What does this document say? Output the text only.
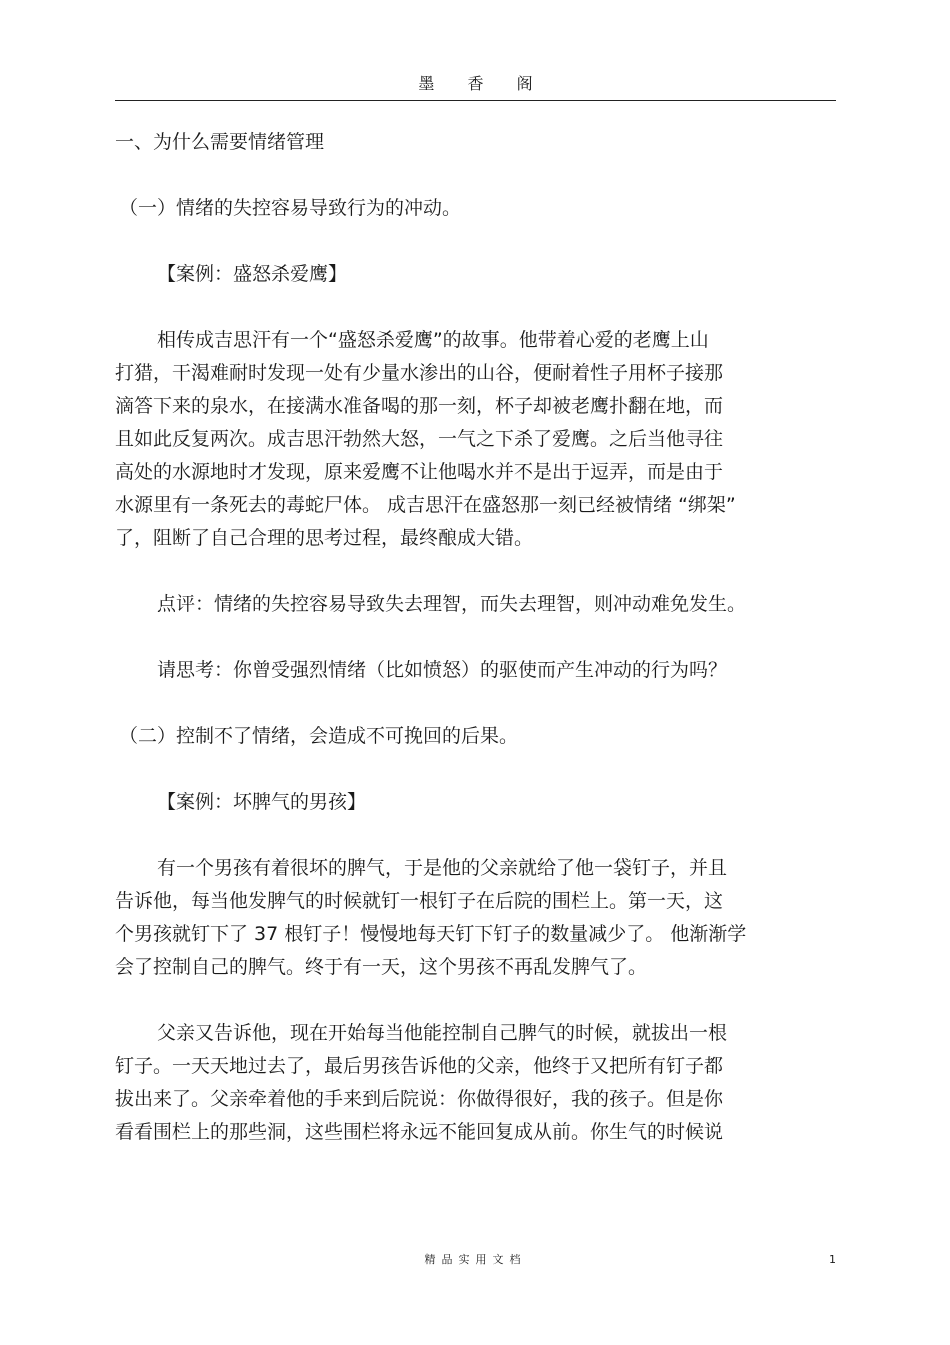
墨 香 阁

一、为什么需要情绪管理

（一）情绪的失控容易导致行为的冲动。

【案例：盛怒杀爱鹰】

相传成吉思汗有一个“盛怒杀爱鹰”的故事。他带着心爱的老鹰上山

打猎，干渴难耐时发现一处有少量水渗出的山谷，便耐着性子用杯子接那

滴答下来的泉水，在接满水准备喝的那一刻，杯子却被老鹰扑翻在地，而

且如此反复两次。成吉思汗勃然大怒，一气之下杀了爱鹰。之后当他寻往

高处的水源地时才发现，原来爱鹰不让他喝水并不是出于逗弄，而是由于

水源里有一条死去的毒蛇尸体。 成吉思汗在盛怒那一刻已经被情绪 “绑架”

了，阻断了自己合理的思考过程，最终酿成大错。

点评：情绪的失控容易导致失去理智，而失去理智，则冲动难免发生。

请思考：你曾受强烈情绪（比如愤怒）的驱使而产生冲动的行为吗？

（二）控制不了情绪，会造成不可挽回的后果。

【案例：坏脾气的男孩】

有一个男孩有着很坏的脾气，于是他的父亲就给了他一袋钉子，并且

告诉他，每当他发脾气的时候就钉一根钉子在后院的围栏上。第一天，这

个男孩就钉下了 37 根钉子！慢慢地每天钉下钉子的数量减少了。 他渐渐学

会了控制自己的脾气。终于有一天，这个男孩不再乱发脾气了。

父亲又告诉他，现在开始每当他能控制自己脾气的时候，就拔出一根

钉子。一天天地过去了，最后男孩告诉他的父亲，他终于又把所有钉子都

拔出来了。父亲牵着他的手来到后院说：你做得很好，我的孩子。但是你

看看围栏上的那些洞，这些围栏将永远不能回复成从前。你生气的时候说

精品实用文档	1
